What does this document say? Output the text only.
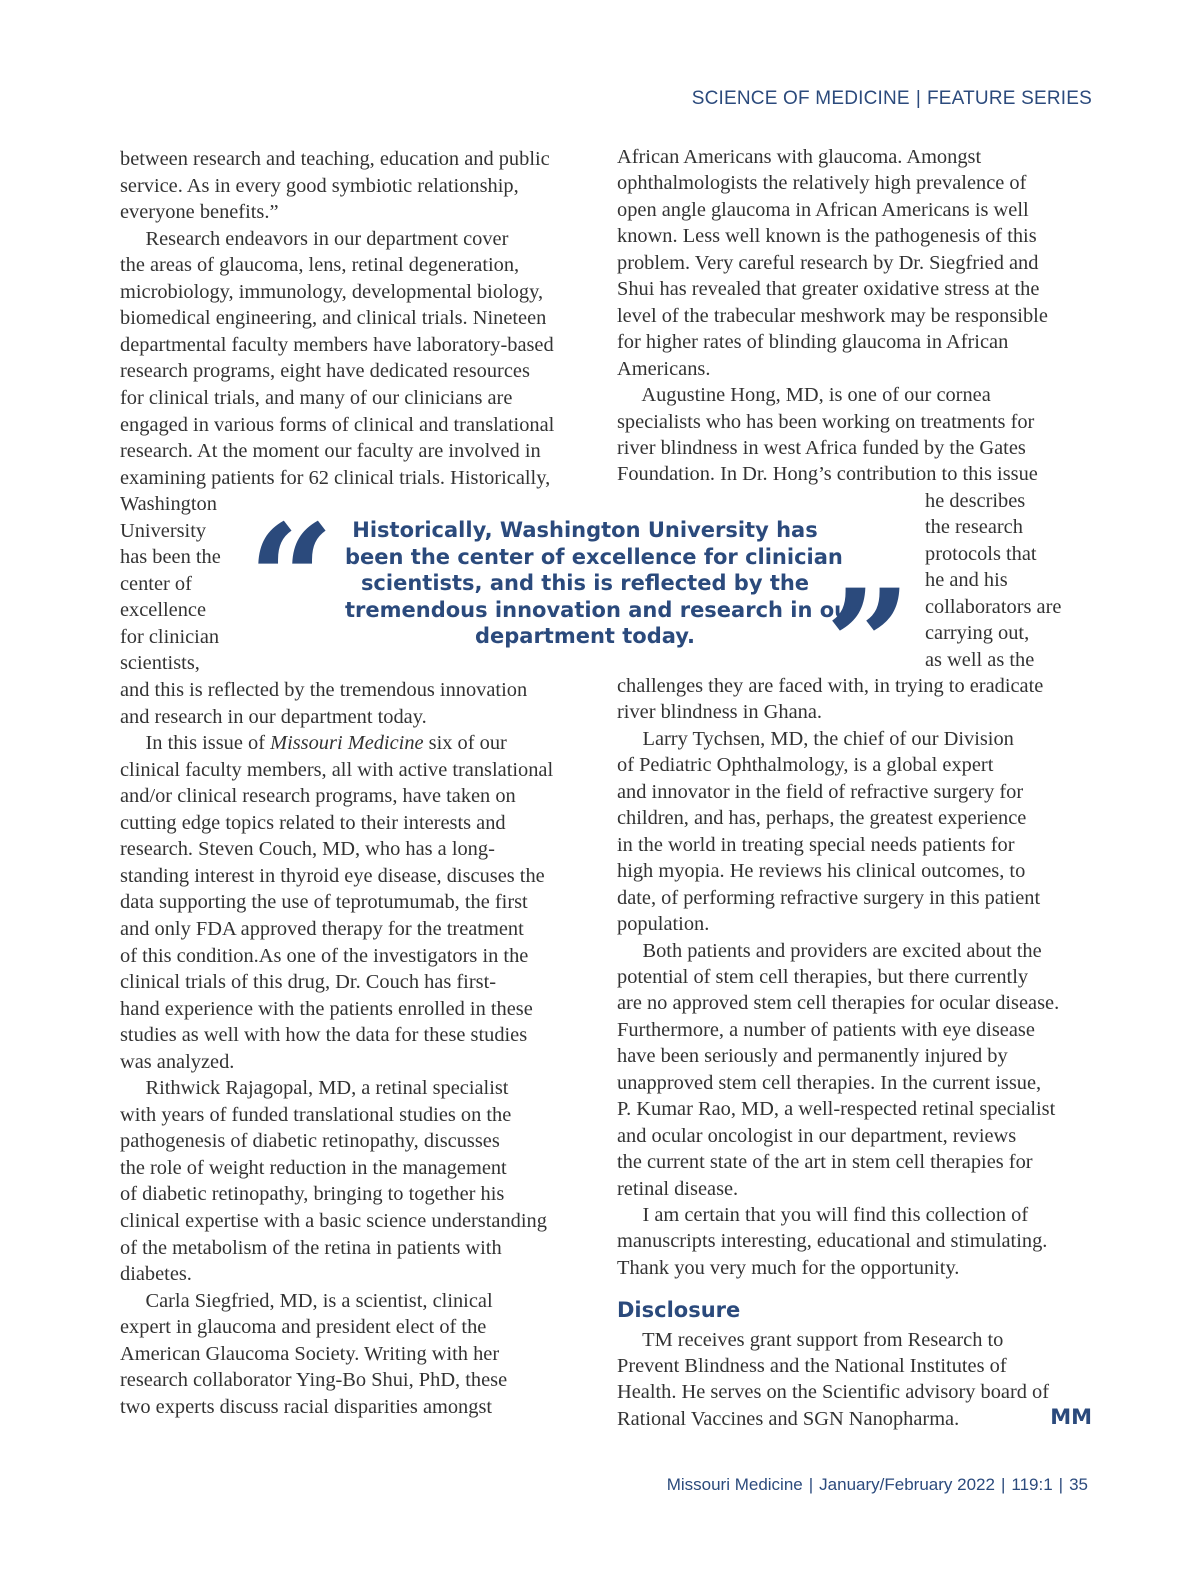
SCIENCE OF MEDICINE | FEATURE SERIES
between research and teaching, education and public
service. As in every good symbiotic relationship,
everyone benefits.”
Research endeavors in our department cover
the areas of glaucoma, lens, retinal degeneration,
microbiology, immunology, developmental biology,
biomedical engineering, and clinical trials. Nineteen
departmental faculty members have laboratory-based
research programs, eight have dedicated resources
for clinical trials, and many of our clinicians are
engaged in various forms of clinical and translational
research. At the moment our faculty are involved in
examining patients for 62 clinical trials. Historically,
Washington
University
has been the
center of
excellence
for clinician
scientists,
and this is reflected by the tremendous innovation
and research in our department today.
In this issue of Missouri Medicine six of our
clinical faculty members, all with active translational
and/or clinical research programs, have taken on
cutting edge topics related to their interests and
research. Steven Couch, MD, who has a long-
standing interest in thyroid eye disease, discuses the
data supporting the use of teprotumumab, the first
and only FDA approved therapy for the treatment
of this condition.As one of the investigators in the
clinical trials of this drug, Dr. Couch has first-
hand experience with the patients enrolled in these
studies as well with how the data for these studies
was analyzed.
Rithwick Rajagopal, MD, a retinal specialist
with years of funded translational studies on the
pathogenesis of diabetic retinopathy, discusses
the role of weight reduction in the management
of diabetic retinopathy, bringing to together his
clinical expertise with a basic science understanding
of the metabolism of the retina in patients with
diabetes.
Carla Siegfried, MD, is a scientist, clinical
expert in glaucoma and president elect of the
American Glaucoma Society. Writing with her
research collaborator Ying-Bo Shui, PhD, these
two experts discuss racial disparities amongst
African Americans with glaucoma. Amongst
ophthalmologists the relatively high prevalence of
open angle glaucoma in African Americans is well
known. Less well known is the pathogenesis of this
problem. Very careful research by Dr. Siegfried and
Shui has revealed that greater oxidative stress at the
level of the trabecular meshwork may be responsible
for higher rates of blinding glaucoma in African
Americans.
Augustine Hong, MD, is one of our cornea
specialists who has been working on treatments for
river blindness in west Africa funded by the Gates
Foundation. In Dr. Hong’s contribution to this issue
he describes
the research
protocols that
he and his
collaborators are
carrying out,
as well as the
challenges they are faced with, in trying to eradicate
river blindness in Ghana.
Larry Tychsen, MD, the chief of our Division
of Pediatric Ophthalmology, is a global expert
and innovator in the field of refractive surgery for
children, and has, perhaps, the greatest experience
in the world in treating special needs patients for
high myopia. He reviews his clinical outcomes, to
date, of performing refractive surgery in this patient
population.
Both patients and providers are excited about the
potential of stem cell therapies, but there currently
are no approved stem cell therapies for ocular disease.
Furthermore, a number of patients with eye disease
have been seriously and permanently injured by
unapproved stem cell therapies. In the current issue,
P. Kumar Rao, MD, a well-respected retinal specialist
and ocular oncologist in our department, reviews
the current state of the art in stem cell therapies for
retinal disease.
I am certain that you will find this collection of
manuscripts interesting, educational and stimulating.
Thank you very much for the opportunity.
“	”
Historically, Washington University has
been the center of excellence for clinician
scientists, and this is reflected by the
tremendous innovation and research in our
department today.
Disclosure
TM receives grant support from Research to
Prevent Blindness and the National Institutes of
Health. He serves on the Scientific advisory board of
Rational Vaccines and SGN Nanopharma.	MM
Missouri Medicine | January/February 2022 | 119:1 | 35
